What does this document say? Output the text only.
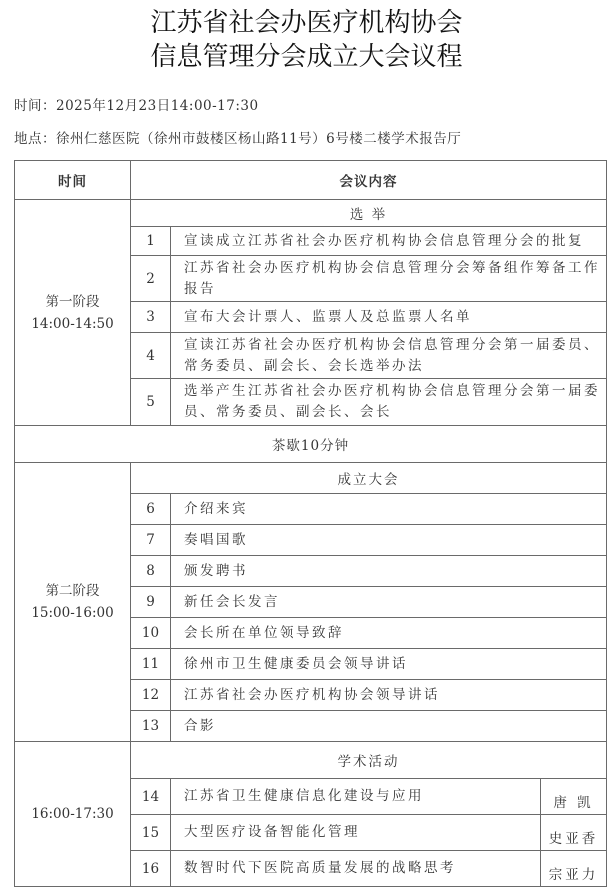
江苏省社会办医疗机构协会
信息管理分会成立大会议程
时间：2025年12月23日14:00-17:30
地点：徐州仁慈医院（徐州市鼓楼区杨山路11号）6号楼二楼学术报告厅
时间	会议内容		

第一阶段
14:00-14:50	选 举		
	1	宣读成立江苏省社会办医疗机构协会信息管理分会的批复	
	2	江苏省社会办医疗机构协会信息管理分会筹备组作筹备工作报告	
	3	宣布大会计票人、监票人及总监票人名单	
	4	宣读江苏省社会办医疗机构协会信息管理分会第一届委员、常务委员、副会长、会长选举办法	
	5	选举产生江苏省社会办医疗机构协会信息管理分会第一届委员、常务委员、副会长、会长	
茶歇10分钟			

第二阶段
15:00-16:00	成立大会		
	6	介绍来宾	
	7	奏唱国歌	
	8	颁发聘书	
	9	新任会长发言	
	10	会长所在单位领导致辞	
	11	徐州市卫生健康委员会领导讲话	
	12	江苏省社会办医疗机构协会领导讲话	
	13	合影	

16:00-17:30	学术活动		
	14	江苏省卫生健康信息化建设与应用	唐 凯
	15	大型医疗设备智能化管理	史亚香
	16	数智时代下医院高质量发展的战略思考	宗亚力
